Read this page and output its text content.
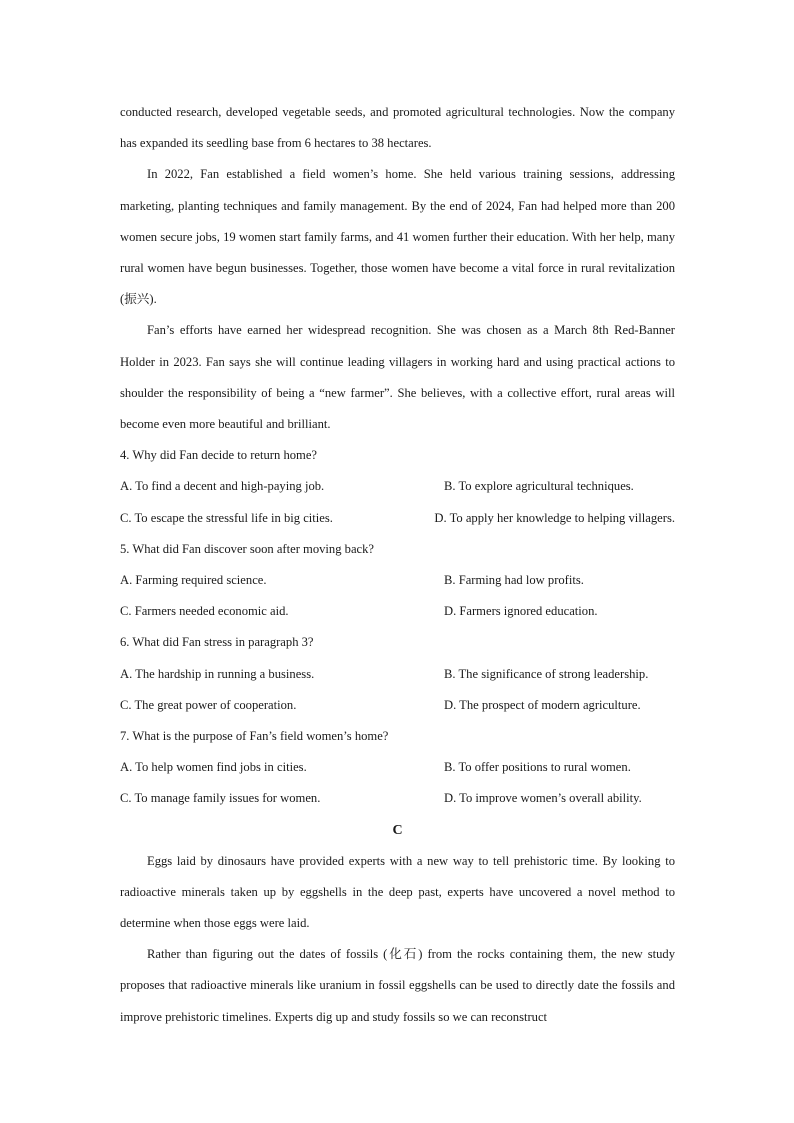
conducted research, developed vegetable seeds, and promoted agricultural technologies. Now the company has expanded its seedling base from 6 hectares to 38 hectares.

In 2022, Fan established a field women’s home. She held various training sessions, addressing marketing, planting techniques and family management. By the end of 2024, Fan had helped more than 200 women secure jobs, 19 women start family farms, and 41 women further their education. With her help, many rural women have begun businesses. Together, those women have become a vital force in rural revitalization (振兴).

Fan’s efforts have earned her widespread recognition. She was chosen as a March 8th Red-Banner Holder in 2023. Fan says she will continue leading villagers in working hard and using practical actions to shoulder the responsibility of being a “new farmer”. She believes, with a collective effort, rural areas will become even more beautiful and brilliant.

4. Why did Fan decide to return home?

A. To find a decent and high-paying job.	B. To explore agricultural techniques.
C. To escape the stressful life in big cities.	D. To apply her knowledge to helping villagers.

5. What did Fan discover soon after moving back?

A. Farming required science.	B. Farming had low profits.
C. Farmers needed economic aid.	D. Farmers ignored education.

6. What did Fan stress in paragraph 3?

A. The hardship in running a business.	B. The significance of strong leadership.
C. The great power of cooperation.	D. The prospect of modern agriculture.

7. What is the purpose of Fan’s field women’s home?

A. To help women find jobs in cities.	B. To offer positions to rural women.
C. To manage family issues for women.	D. To improve women’s overall ability.

C

Eggs laid by dinosaurs have provided experts with a new way to tell prehistoric time. By looking to radioactive minerals taken up by eggshells in the deep past, experts have uncovered a novel method to determine when those eggs were laid.

Rather than figuring out the dates of fossils (化石) from the rocks containing them, the new study proposes that radioactive minerals like uranium in fossil eggshells can be used to directly date the fossils and improve prehistoric timelines. Experts dig up and study fossils so we can reconstruct
